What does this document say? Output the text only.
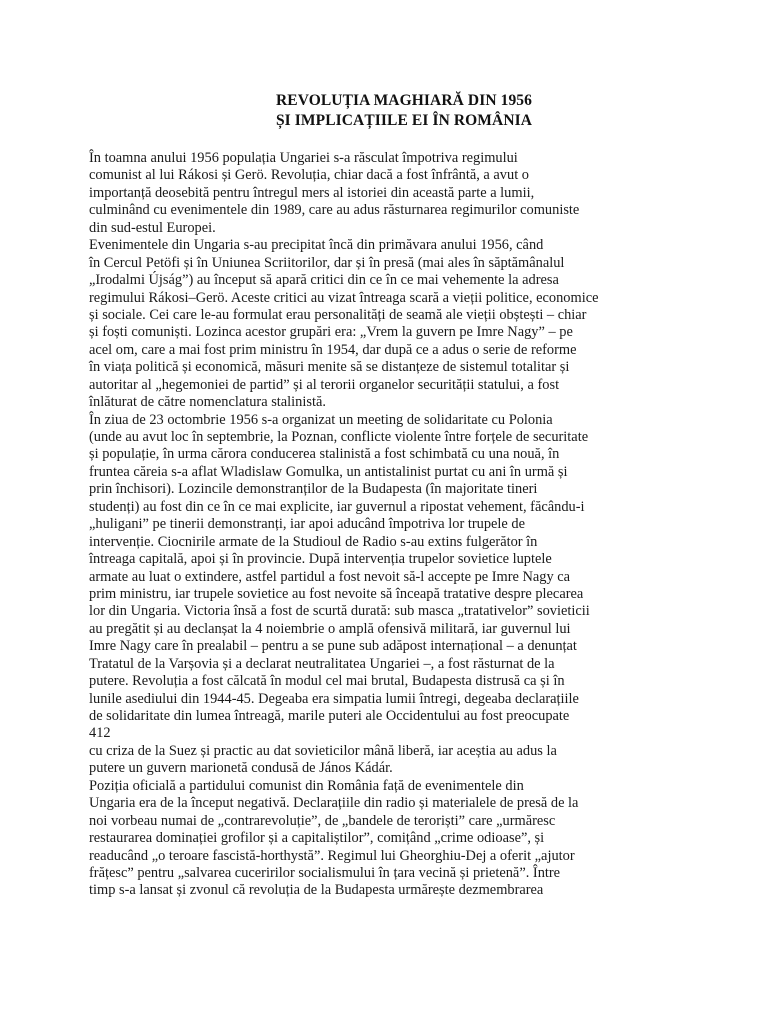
REVOLUȚIA MAGHIARĂ DIN 1956
ȘI IMPLICAȚIILE EI ÎN ROMÂNIA
În toamna anului 1956 populația Ungariei s-a răsculat împotriva regimului
comunist al lui Rákosi și Gerö. Revoluția, chiar dacă a fost înfrântă, a avut o
importanță deosebită pentru întregul mers al istoriei din această parte a lumii,
culminând cu evenimentele din 1989, care au adus răsturnarea regimurilor comuniste
din sud-estul Europei.
Evenimentele din Ungaria s-au precipitat încă din primăvara anului 1956, când
în Cercul Petöfi și în Uniunea Scriitorilor, dar și în presă (mai ales în săptămânalul
„Irodalmi Újság”) au început să apară critici din ce în ce mai vehemente la adresa
regimului Rákosi–Gerö. Aceste critici au vizat întreaga scară a vieții politice, economice
și sociale. Cei care le-au formulat erau personalități de seamă ale vieții obștești – chiar
și foști comuniști. Lozinca acestor grupări era: „Vrem la guvern pe Imre Nagy” – pe
acel om, care a mai fost prim ministru în 1954, dar după ce a adus o serie de reforme
în viața politică și economică, măsuri menite să se distanțeze de sistemul totalitar și
autoritar al „hegemoniei de partid” și al terorii organelor securității statului, a fost
înlăturat de către nomenclatura stalinistă.
În ziua de 23 octombrie 1956 s-a organizat un meeting de solidaritate cu Polonia
(unde au avut loc în septembrie, la Poznan, conflicte violente între forțele de securitate
și populație, în urma cărora conducerea stalinistă a fost schimbată cu una nouă, în
fruntea căreia s-a aflat Wladislaw Gomulka, un antistalinist purtat cu ani în urmă și
prin închisori). Lozincile demonstranților de la Budapesta (în majoritate tineri
studenți) au fost din ce în ce mai explicite, iar guvernul a ripostat vehement, făcându-i
„huligani” pe tinerii demonstranți, iar apoi aducând împotriva lor trupele de
intervenție. Ciocnirile armate de la Studioul de Radio s-au extins fulgerător în
întreaga capitală, apoi și în provincie. După intervenția trupelor sovietice luptele
armate au luat o extindere, astfel partidul a fost nevoit să-l accepte pe Imre Nagy ca
prim ministru, iar trupele sovietice au fost nevoite să înceapă tratative despre plecarea
lor din Ungaria. Victoria însă a fost de scurtă durată: sub masca „tratativelor” sovieticii
au pregătit și au declanșat la 4 noiembrie o amplă ofensivă militară, iar guvernul lui
Imre Nagy care în prealabil – pentru a se pune sub adăpost internațional – a denunțat
Tratatul de la Varșovia și a declarat neutralitatea Ungariei –, a fost răsturnat de la
putere. Revoluția a fost călcată în modul cel mai brutal, Budapesta distrusă ca și în
lunile asediului din 1944-45. Degeaba era simpatia lumii întregi, degeaba declarațiile
de solidaritate din lumea întreagă, marile puteri ale Occidentului au fost preocupate
412
cu criza de la Suez și practic au dat sovieticilor mână liberă, iar aceștia au adus la
putere un guvern marionetă condusă de János Kádár.
Poziția oficială a partidului comunist din România față de evenimentele din
Ungaria era de la început negativă. Declarațiile din radio și materialele de presă de la
noi vorbeau numai de „contrarevoluție”, de „bandele de teroriști” care „urmăresc
restaurarea dominației grofilor și a capitaliștilor”, comițând „crime odioase”, și
readucând „o teroare fascistă-horthystă”. Regimul lui Gheorghiu-Dej a oferit „ajutor
frățesc” pentru „salvarea cuceririlor socialismului în țara vecină și prietenă”. Între
timp s-a lansat și zvonul că revoluția de la Budapesta urmărește dezmembrarea
